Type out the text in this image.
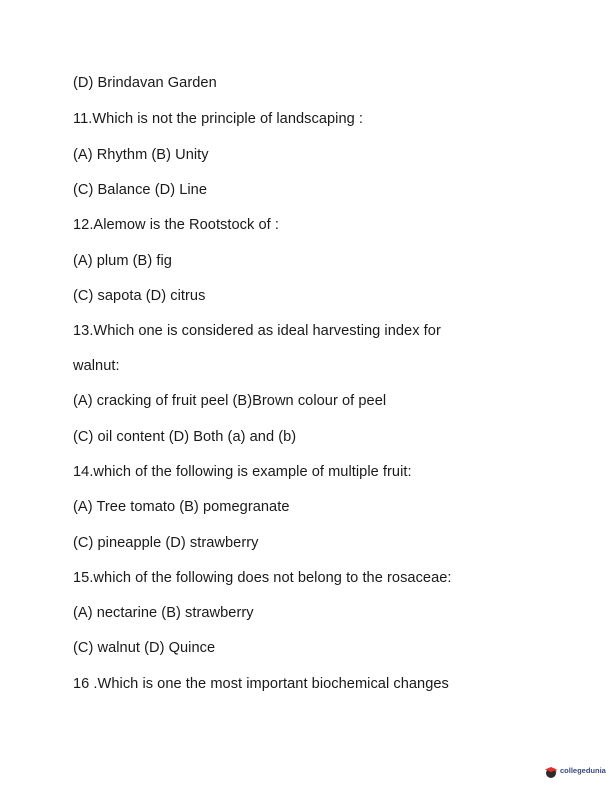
(D) Brindavan Garden
11.Which is not the principle of landscaping :
(A) Rhythm (B) Unity
(C) Balance (D) Line
12.Alemow is the Rootstock of :
(A) plum (B) fig
(C) sapota (D) citrus
13.Which one is considered as ideal harvesting index for
walnut:
(A) cracking of fruit peel (B)Brown colour of peel
(C) oil content (D) Both (a) and (b)
14.which of the following is example of multiple fruit:
(A) Tree tomato (B) pomegranate
(C) pineapple (D) strawberry
15.which of the following does not belong to the rosaceae:
(A) nectarine (B) strawberry
(C) walnut (D) Quince
16 .Which is one the most important biochemical changes
collegedunia
